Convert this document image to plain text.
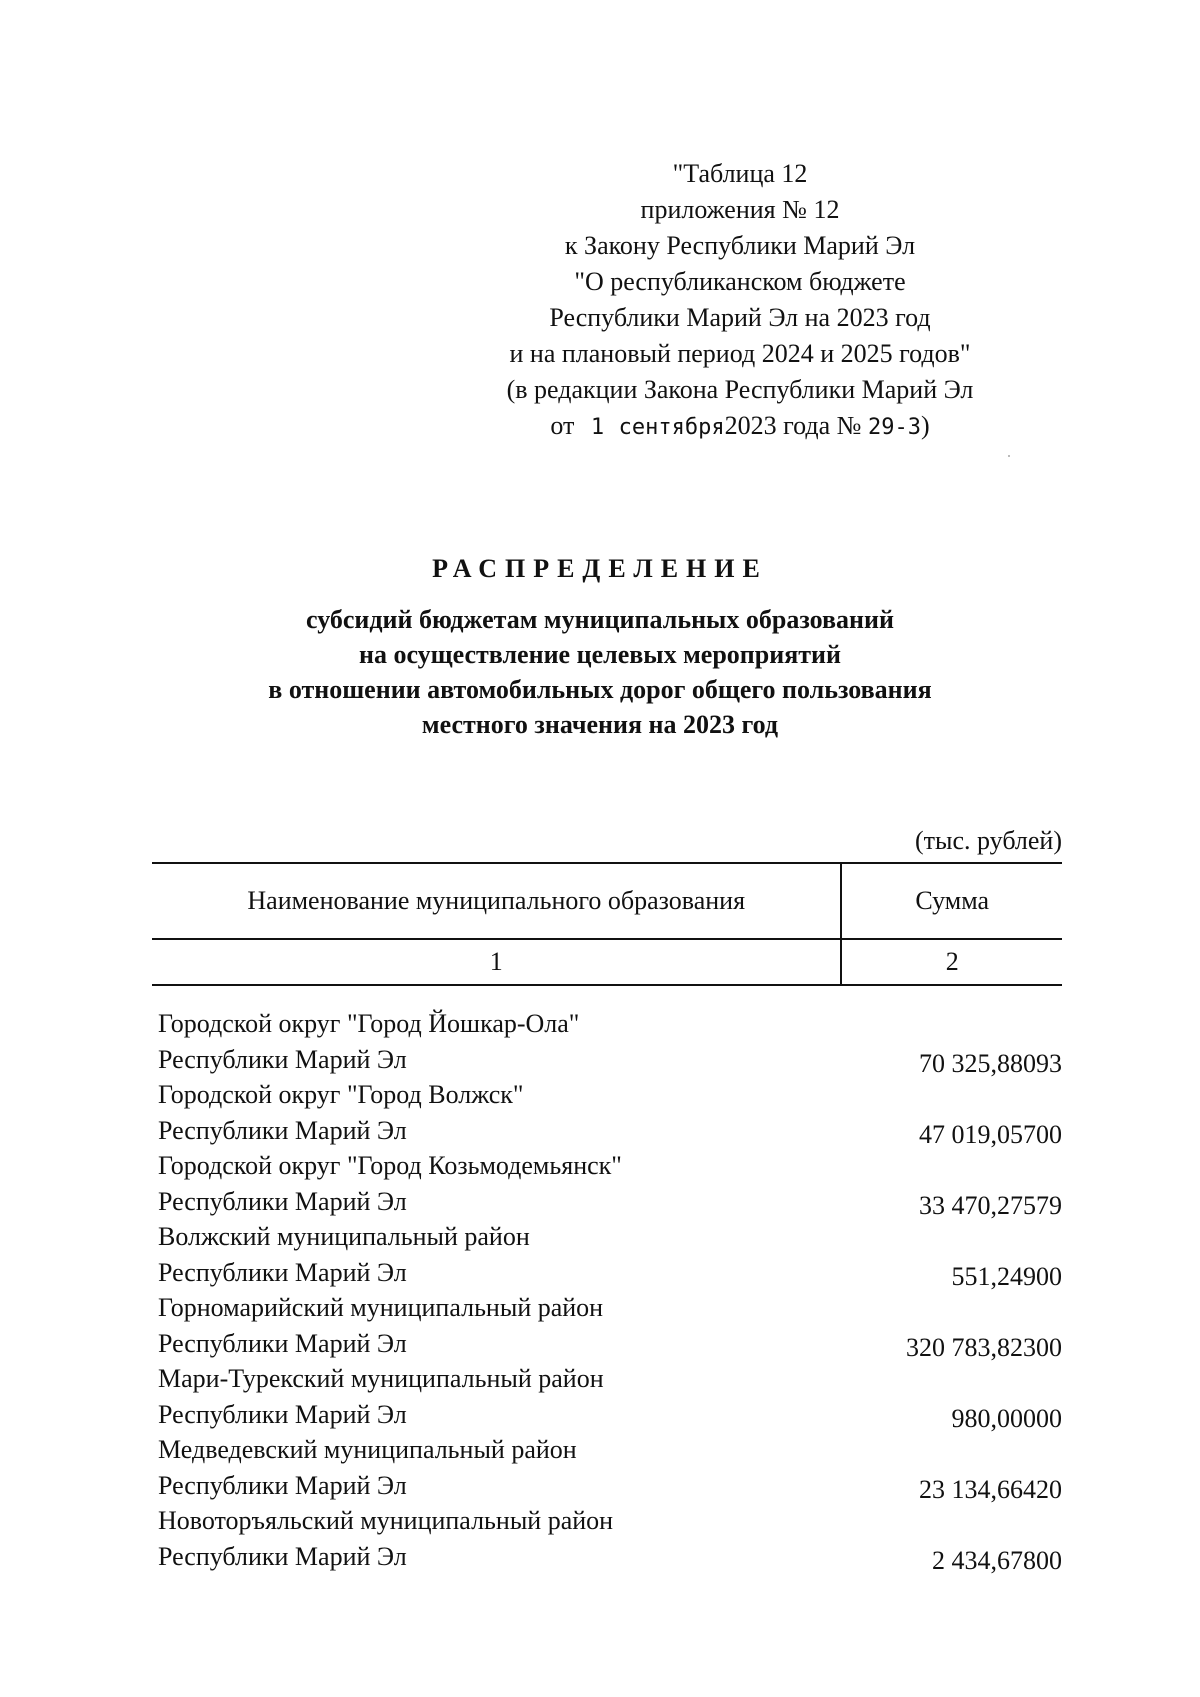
"Таблица 12
приложения № 12
к Закону Республики Марий Эл
"О республиканском бюджете
Республики Марий Эл на 2023 год
и на плановый период 2024 и 2025 годов"
(в редакции Закона Республики Марий Эл
от 1 сентября2023 года № 29-З)
РАСПРЕДЕЛЕНИЕ
субсидий бюджетам муниципальных образований
на осуществление целевых мероприятий
в отношении автомобильных дорог общего пользования
местного значения на 2023 год
(тыс. рублей)
Наименование муниципального образования	Сумма
1	2
Городской округ "Город Йошкар-Ола"
Республики Марий Эл	70 325,88093
Городской округ "Город Волжск"
Республики Марий Эл	47 019,05700
Городской округ "Город Козьмодемьянск"
Республики Марий Эл	33 470,27579
Волжский муниципальный район
Республики Марий Эл	551,24900
Горномарийский муниципальный район
Республики Марий Эл	320 783,82300
Мари-Турекский муниципальный район
Республики Марий Эл	980,00000
Медведевский муниципальный район
Республики Марий Эл	23 134,66420
Новоторъяльский муниципальный район
Республики Марий Эл	2 434,67800
